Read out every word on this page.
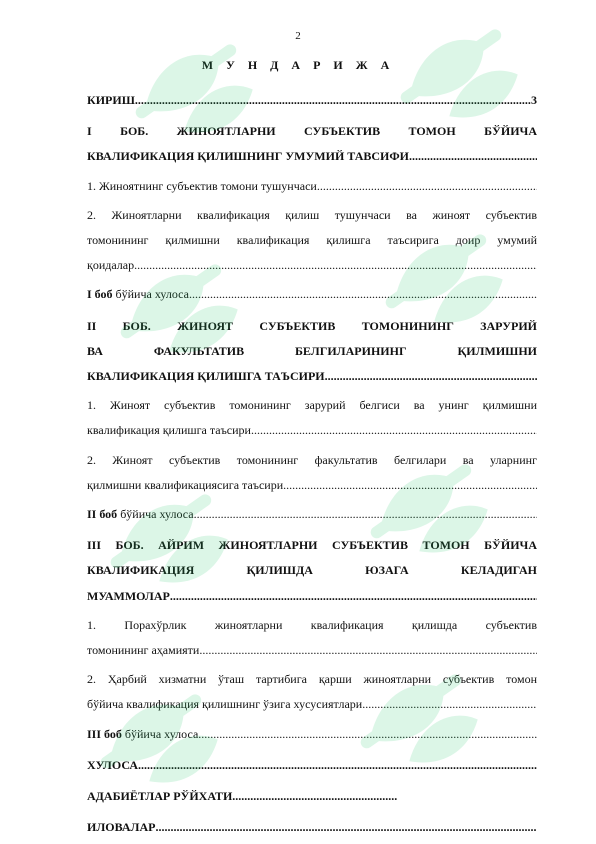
2
М У Н Д А Р И Ж А
КИРИШ
.....	3
I БОБ. ЖИНОЯТЛАРНИ СУБЪЕКТИВ ТОМОН БЎЙИЧА
КВАЛИФИКАЦИЯ ҚИЛИШНИНГ УМУМИЙ ТАВСИФИ
.....
1. Жиноятнинг субъектив томони тушунчаси
.....
2. Жиноятларни квалификация қилиш тушунчаси ва жиноят субъектив
томонининг қилмишни квалификация қилишга таъсирига доир умумий
қоидалар
.....
I боб бўйича хулоса
.....
II БОБ. ЖИНОЯТ СУБЪЕКТИВ ТОМОНИНИНГ ЗАРУРИЙ
ВА ФАКУЛЬТАТИВ БЕЛГИЛАРИНИНГ ҚИЛМИШНИ
КВАЛИФИКАЦИЯ ҚИЛИШГА ТАЪСИРИ
.....
1. Жиноят субъектив томонининг зарурий белгиси ва унинг қилмишни
квалификация қилишга таъсири
.....
2. Жиноят субъектив томонининг факультатив белгилари ва уларнинг
қилмишни квалификациясига таъсири
.....
II боб бўйича хулоса
.....
III БОБ. АЙРИМ ЖИНОЯТЛАРНИ СУБЪЕКТИВ ТОМОН БЎЙИЧА
КВАЛИФИКАЦИЯ ҚИЛИШДА ЮЗАГА КЕЛАДИГАН
МУАММОЛАР
.....
1. Порахўрлик жиноятларни квалификация қилишда субъектив
томонининг аҳамияти
.....
2. Ҳарбий хизматни ўташ тартибига қарши жиноятларни субъектив томон
бўйича квалификация қилишнинг ўзига хусусиятлари
.....
III боб бўйича хулоса
.....
ХУЛОСА
.....
АДАБИЁТЛАР РЎЙХАТИ
.....
ИЛОВАЛАР
.....
